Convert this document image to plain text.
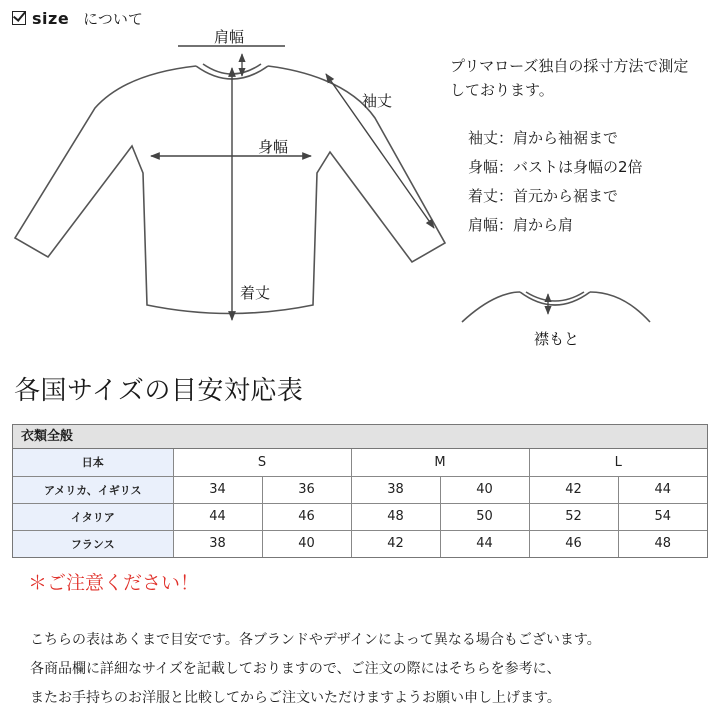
size について
肩幅
袖丈
身幅
着丈
襟もと
プリマローズ独自の採寸方法で測定しております。
袖丈：肩から袖裾まで
身幅：バストは身幅の2倍
着丈：首元から裾まで
肩幅：肩から肩
各国サイズの目安対応表
衣類全般
日本	S		M		L	
アメリカ、イギリス	34	36	38	40	42	44
イタリア	44	46	48	50	52	54
フランス	38	40	42	44	46	48
＊ご注意ください！
こちらの表はあくまで目安です。各ブランドやデザインによって異なる場合もございます。
各商品欄に詳細なサイズを記載しておりますので、ご注文の際にはそちらを参考に、
またお手持ちのお洋服と比較してからご注文いただけますようお願い申し上げます。
